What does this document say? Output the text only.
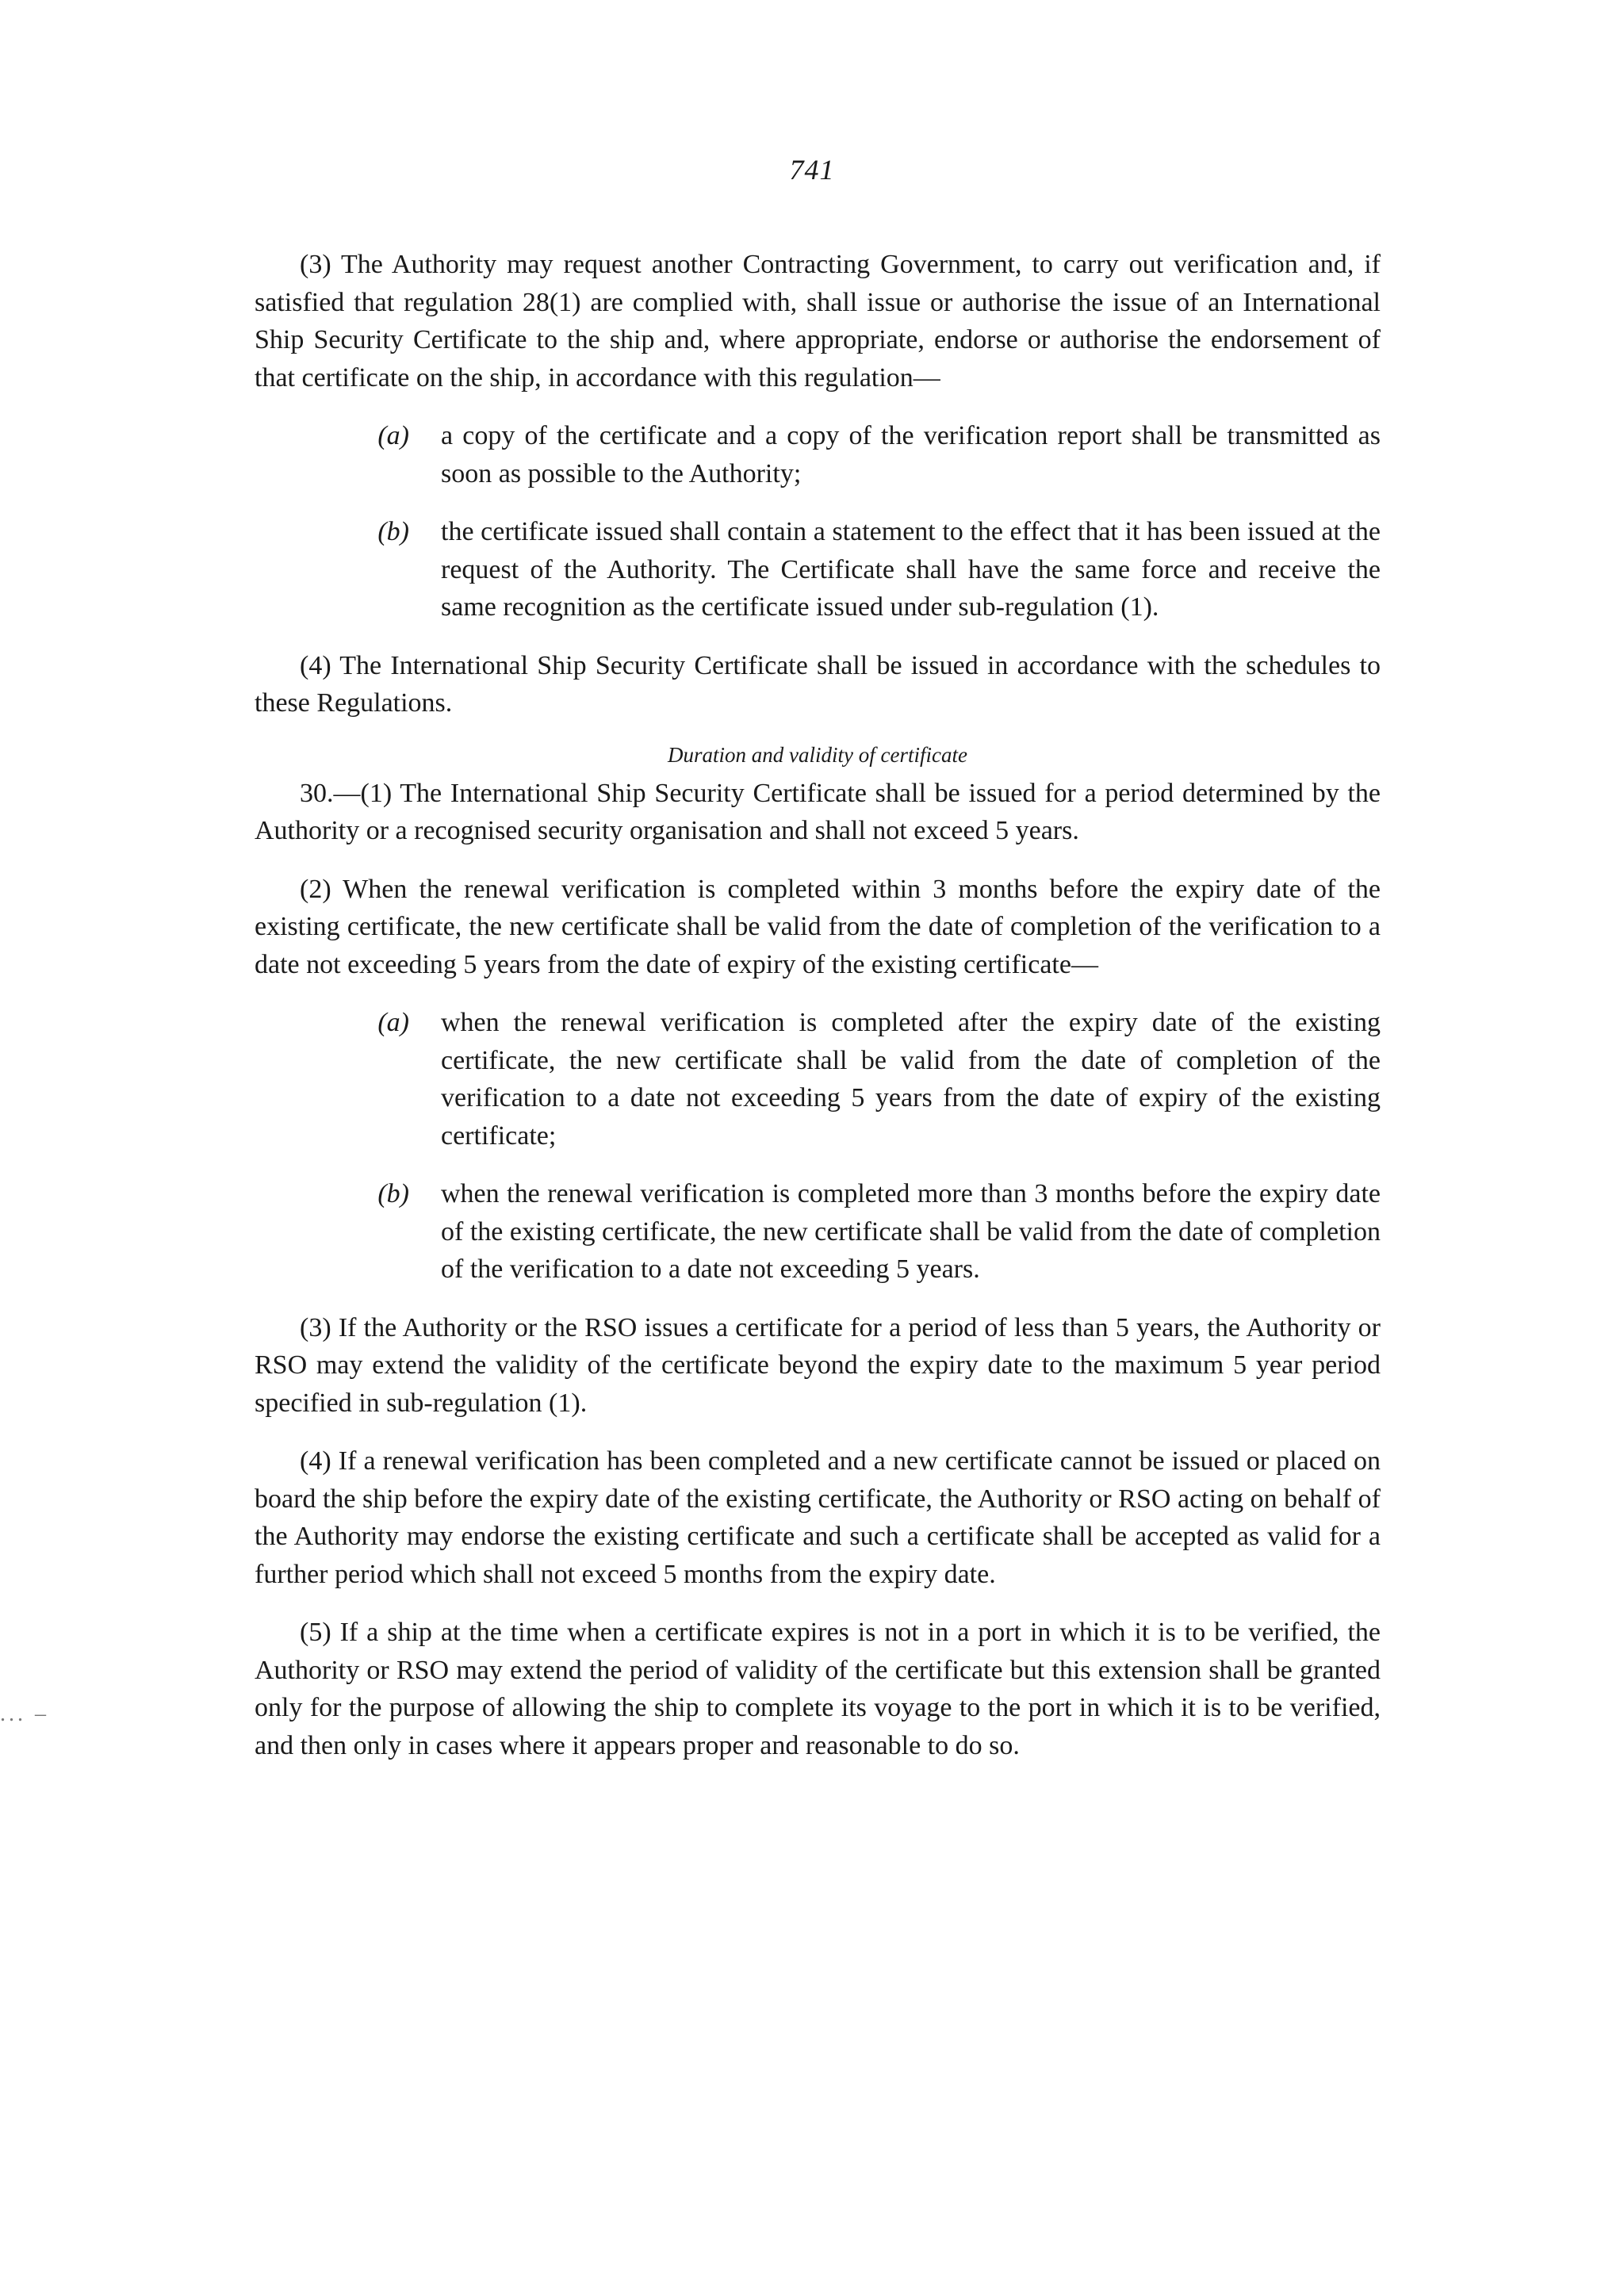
741
... –

(3) The Authority may request another Contracting Government, to carry out verification and, if satisfied that regulation 28(1) are complied with, shall issue or authorise the issue of an International Ship Security Certificate to the ship and, where appropriate, endorse or authorise the endorsement of that certificate on the ship, in accordance with this regulation—

(a)	a copy of the certificate and a copy of the verification report shall be transmitted as soon as possible to the Authority;
(b)	the certificate issued shall contain a statement to the effect that it has been issued at the request of the Authority. The Certificate shall have the same force and receive the same recognition as the certificate issued under sub-regulation (1).

(4) The International Ship Security Certificate shall be issued in accordance with the schedules to these Regulations.

Duration and validity of certificate

30.—(1) The International Ship Security Certificate shall be issued for a period determined by the Authority or a recognised security organisation and shall not exceed 5 years.

(2) When the renewal verification is completed within 3 months before the expiry date of the existing certificate, the new certificate shall be valid from the date of completion of the verification to a date not exceeding 5 years from the date of expiry of the existing certificate—

(a)	when the renewal verification is completed after the expiry date of the existing certificate, the new certificate shall be valid from the date of completion of the verification to a date not exceeding 5 years from the date of expiry of the existing certificate;
(b)	when the renewal verification is completed more than 3 months before the expiry date of the existing certificate, the new certificate shall be valid from the date of completion of the verification to a date not exceeding 5 years.

(3) If the Authority or the RSO issues a certificate for a period of less than 5 years, the Authority or RSO may extend the validity of the certificate beyond the expiry date to the maximum 5 year period specified in sub-regulation (1).

(4) If a renewal verification has been completed and a new certificate cannot be issued or placed on board the ship before the expiry date of the existing certificate, the Authority or RSO acting on behalf of the Authority may endorse the existing certificate and such a certificate shall be accepted as valid for a further period which shall not exceed 5 months from the expiry date.

(5) If a ship at the time when a certificate expires is not in a port in which it is to be verified, the Authority or RSO may extend the period of validity of the certificate but this extension shall be granted only for the purpose of allowing the ship to complete its voyage to the port in which it is to be verified, and then only in cases where it appears proper and reasonable to do so.
